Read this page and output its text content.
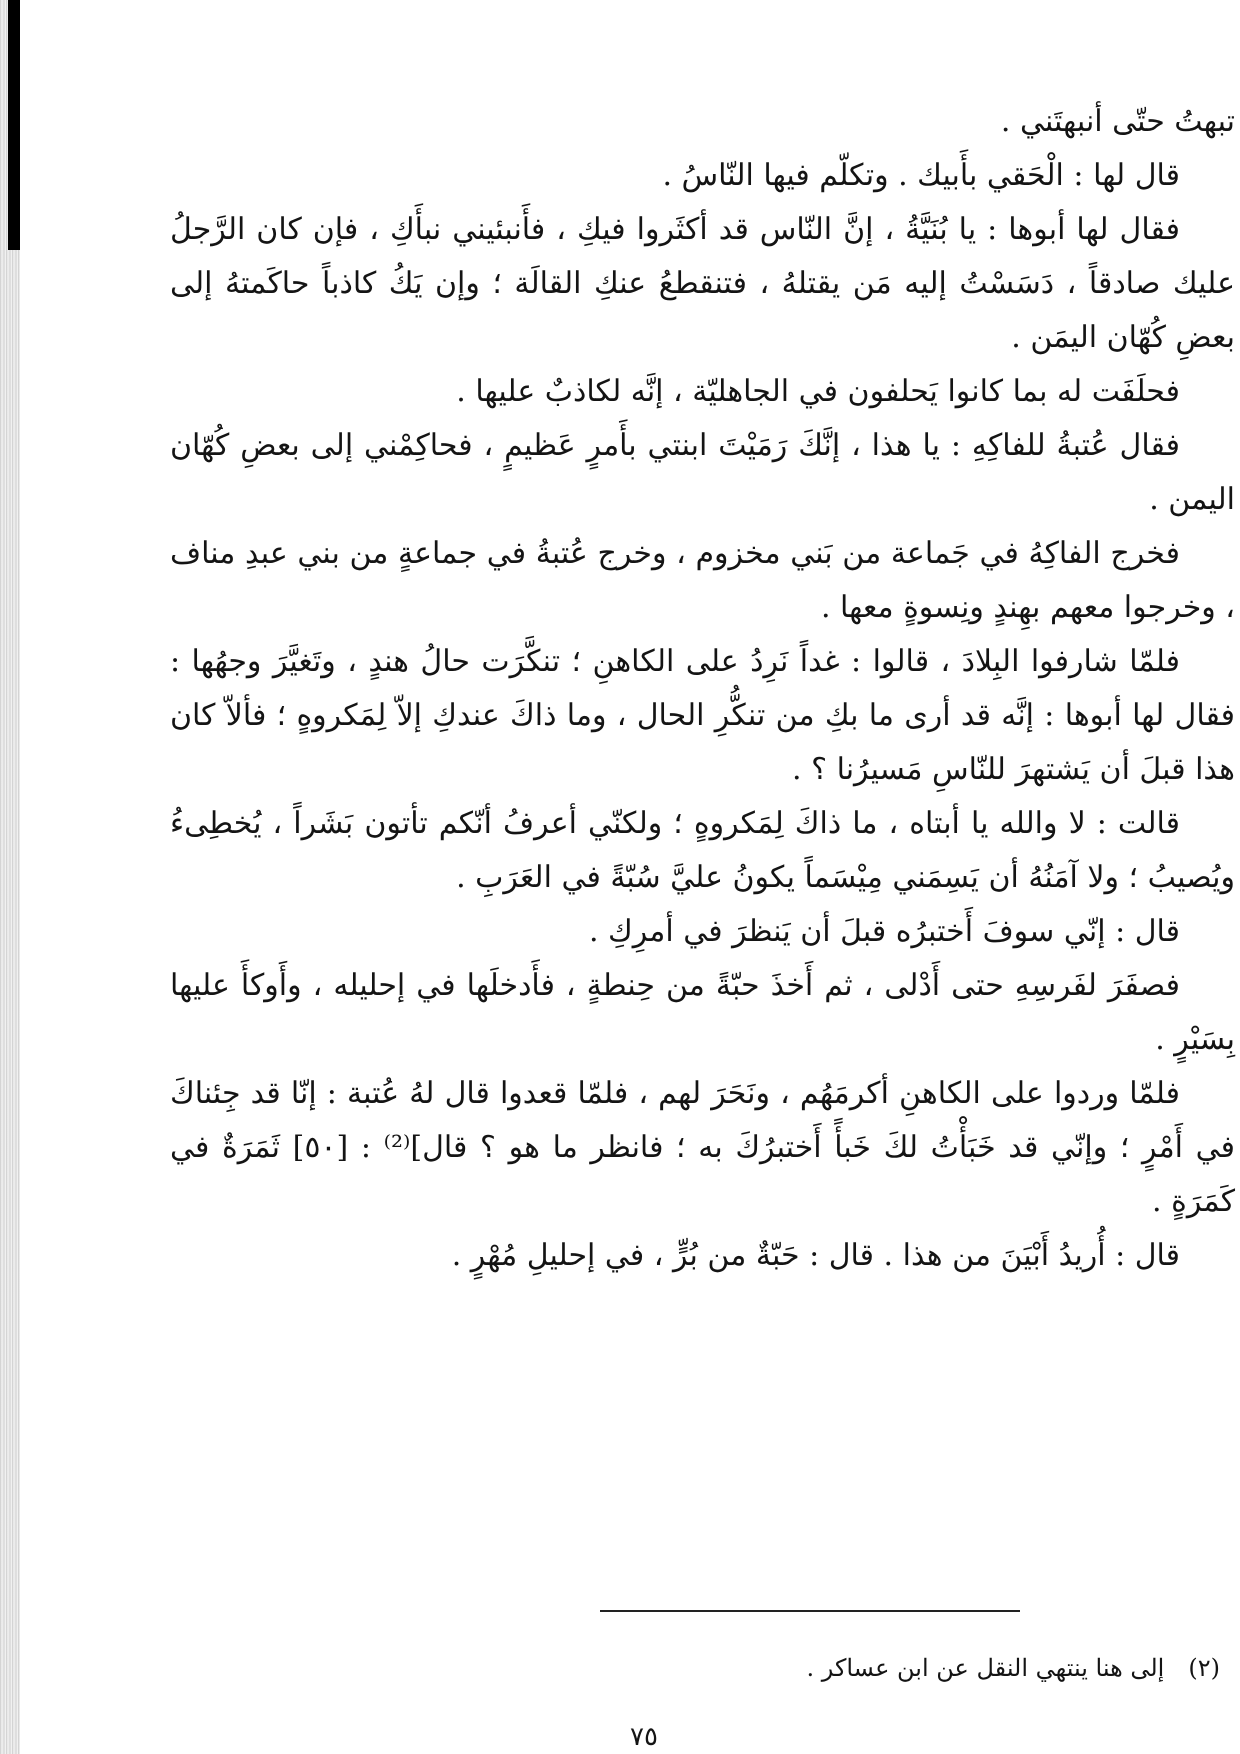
تبهتُ حتّى أنبهتَني .

قال لها : الْحَقي بأَبيك . وتكلّم فيها النّاسُ .

فقال لها أبوها : يا بُنَيَّةُ ، إنَّ النّاس قد أكثَروا فيكِ ، فأَنبئيني نبأَكِ ، فإن كان الرَّجلُ عليك صادقاً ، دَسَسْتُ إليه مَن يقتلهُ ، فتنقطعُ عنكِ القالَة ؛ وإن يَكُ كاذباً حاكَمتهُ إلى بعضِ كُهّان اليمَن .

فحلَفَت له بما كانوا يَحلفون في الجاهليّة ، إنَّه لكاذبٌ عليها .

فقال عُتبةُ للفاكِهِ : يا هذا ، إنَّكَ رَمَيْتَ ابنتي بأَمرٍ عَظيمٍ ، فحاكِمْني إلى بعضِ كُهّان اليمن .

فخرج الفاكِهُ في جَماعة من بَني مخزوم ، وخرج عُتبةُ في جماعةٍ من بني عبدِ مناف ، وخرجوا معهم بهِندٍ ونِسوةٍ معها .

فلمّا شارفوا البِلادَ ، قالوا : غداً نَرِدُ على الكاهنِ ؛ تنكَّرَت حالُ هندٍ ، وتَغيَّرَ وجهُها : فقال لها أبوها : إنَّه قد أرى ما بكِ من تنكُّرِ الحال ، وما ذاكَ عندكِ إلاّ لِمَكروهٍ ؛ فألاّ كان هذا قبلَ أن يَشتهرَ للنّاسِ مَسيرُنا ؟ .

قالت : لا والله يا أبتاه ، ما ذاكَ لِمَكروهٍ ؛ ولكنّي أعرفُ أنّكم تأتون بَشَراً ، يُخطِىءُ ويُصيبُ ؛ ولا آمَنُهُ أن يَسِمَني مِيْسَماً يكونُ عليَّ سُبّةً في العَرَبِ .

قال : إنّي سوفَ أَختبرُه قبلَ أن يَنظرَ في أمرِكِ .

فصفَرَ لفَرسِهِ حتى أَدْلى ، ثم أَخذَ حبّةً من حِنطةٍ ، فأَدخلَها في إحليله ، وأَوكأَ عليها بِسَيْرٍ .

فلمّا وردوا على الكاهنِ أكرمَهُم ، ونَحَرَ لهم ، فلمّا قعدوا قال لهُ عُتبة : إنّا قد جِئناكَ في أَمْرٍ ؛ وإنّي قد خَبَأْتُ لكَ خَبأً أَختبرُكَ به ؛ فانظر ما هو ؟ قال]⁽²⁾ : [٥٠] ثَمَرَةٌ في كَمَرَةٍ .

قال : أُريدُ أَبْيَنَ من هذا . قال : حَبّةٌ من بُرٍّ ، في إحليلِ مُهْرٍ .

(٢)إلى هنا ينتهي النقل عن ابن عساكر .
٧٥
